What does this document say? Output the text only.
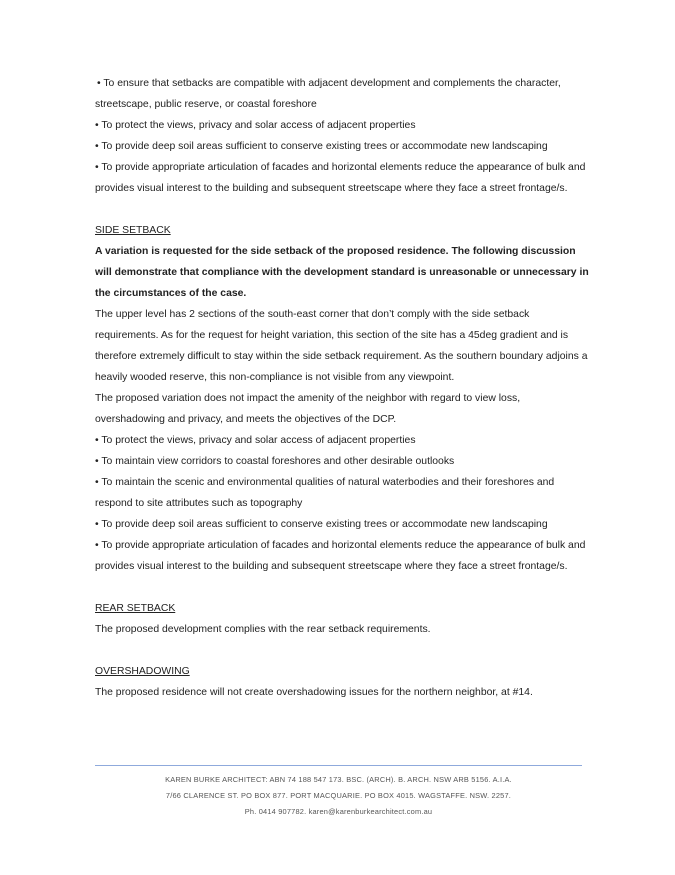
• To ensure that setbacks are compatible with adjacent development and complements the character, streetscape, public reserve, or coastal foreshore

• To protect the views, privacy and solar access of adjacent properties

• To provide deep soil areas sufficient to conserve existing trees or accommodate new landscaping

• To provide appropriate articulation of facades and horizontal elements reduce the appearance of bulk and provides visual interest to the building and subsequent streetscape where they face a street frontage/s.

SIDE SETBACK

A variation is requested for the side setback of the proposed residence. The following discussion will demonstrate that compliance with the development standard is unreasonable or unnecessary in the circumstances of the case.

The upper level has 2 sections of the south-east corner that don’t comply with the side setback requirements. As for the request for height variation, this section of the site has a 45deg gradient and is therefore extremely difficult to stay within the side setback requirement. As the southern boundary adjoins a heavily wooded reserve, this non-compliance is not visible from any viewpoint.

The proposed variation does not impact the amenity of the neighbor with regard to view loss, overshadowing and privacy, and meets the objectives of the DCP.

• To protect the views, privacy and solar access of adjacent properties

• To maintain view corridors to coastal foreshores and other desirable outlooks

• To maintain the scenic and environmental qualities of natural waterbodies and their foreshores and respond to site attributes such as topography

• To provide deep soil areas sufficient to conserve existing trees or accommodate new landscaping

• To provide appropriate articulation of facades and horizontal elements reduce the appearance of bulk and provides visual interest to the building and subsequent streetscape where they face a street frontage/s.

REAR SETBACK

The proposed development complies with the rear setback requirements.

OVERSHADOWING

The proposed residence will not create overshadowing issues for the northern neighbor, at #14.

KAREN BURKE ARCHITECT: ABN 74 188 547 173. BSC. (ARCH). B. ARCH. NSW ARB 5156. A.I.A.

7/66 CLARENCE ST. PO BOX 877. PORT MACQUARIE. PO BOX 4015. WAGSTAFFE. NSW. 2257.

Ph. 0414 907782. karen@karenburkearchitect.com.au
